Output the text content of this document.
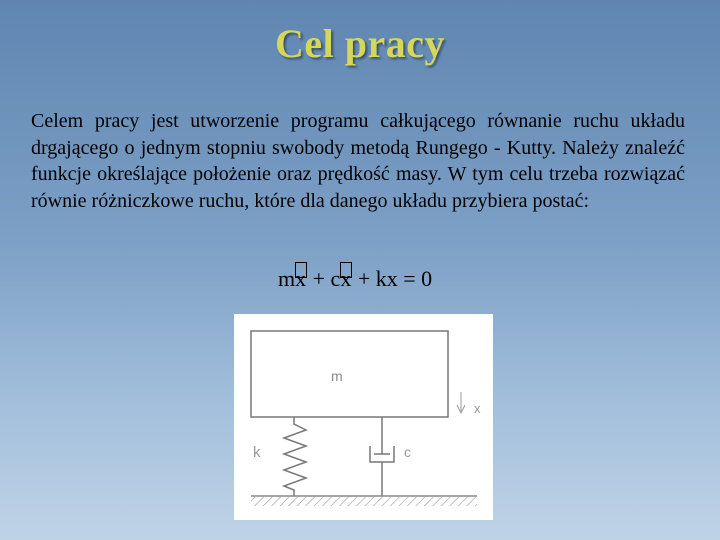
Cel pracy

Celem pracy jest utworzenie programu całkującego równanie ruchu układu drgającego o jednym stopniu swobody metodą Rungego - Kutty. Należy znaleźć funkcje określające położenie oraz prędkość masy. W tym celu trzeba rozwiązać równie różniczkowe ruchu, które dla danego układu przybiera postać:

mx + cx + kx = 0
m
x
k	c
